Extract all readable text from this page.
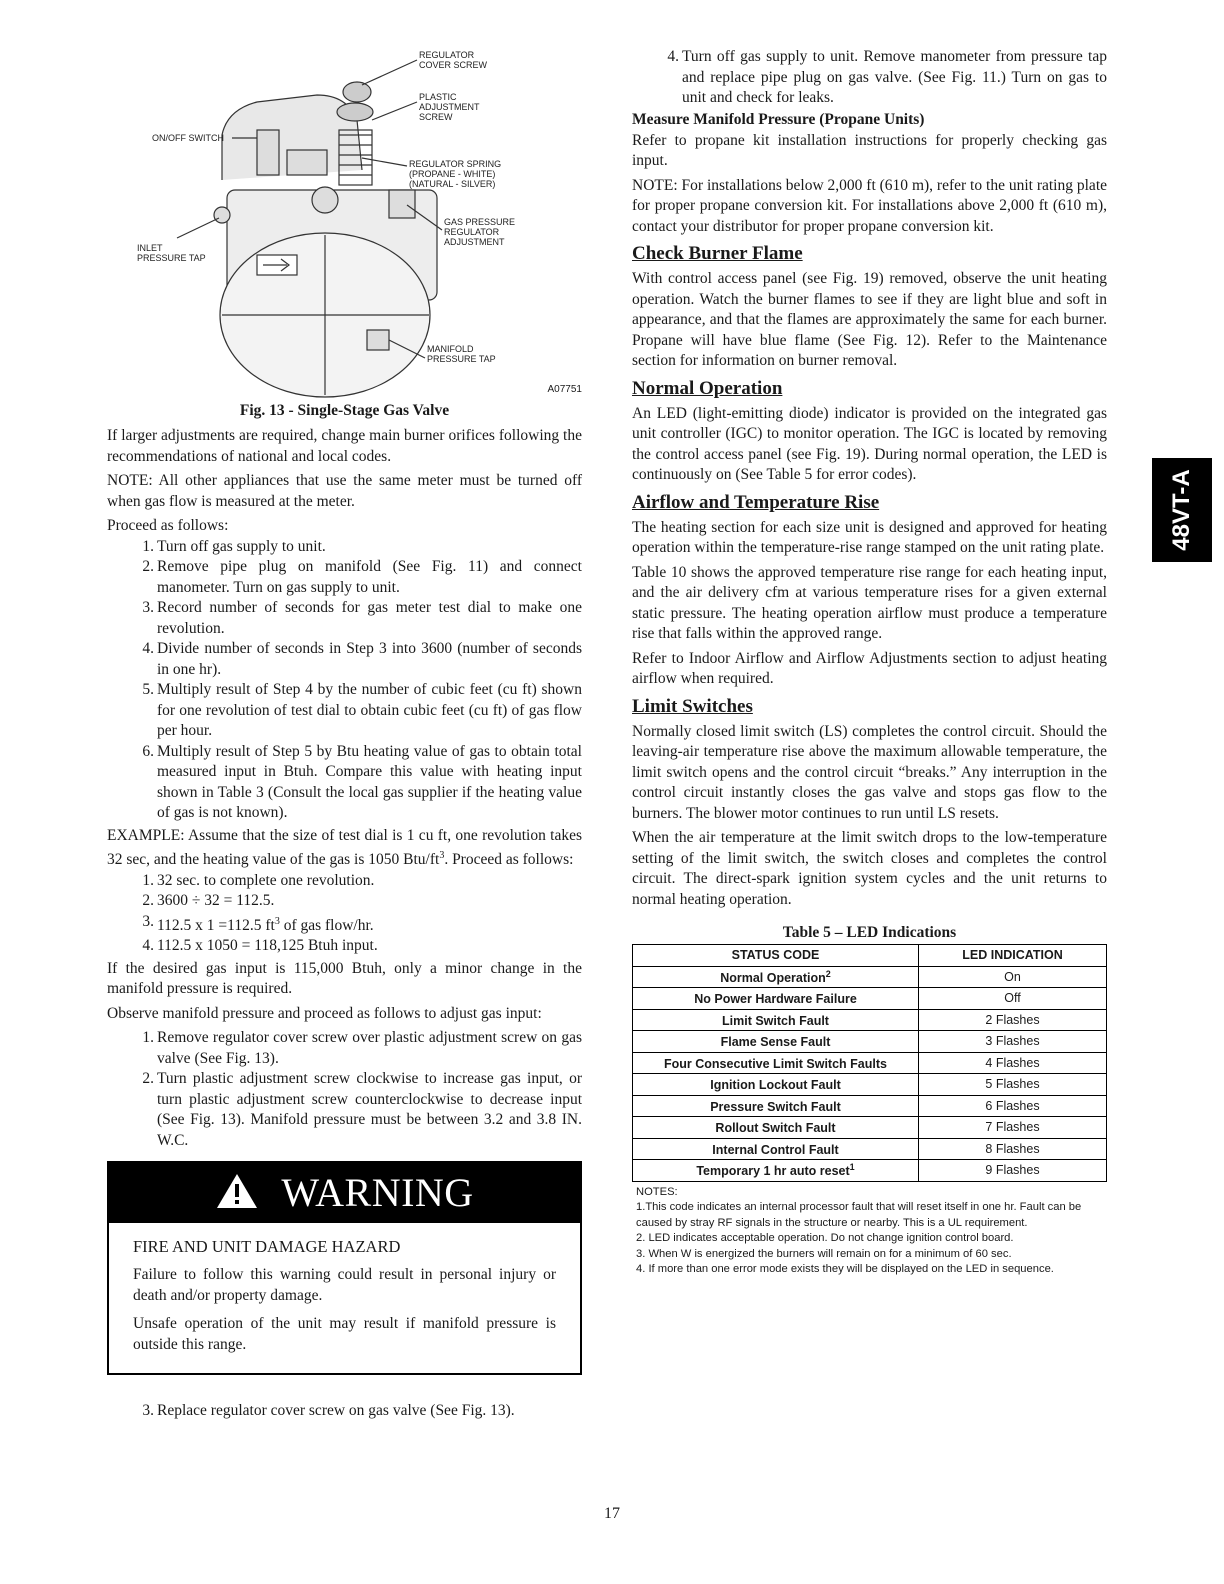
48VT-A
REGULATOR
COVER SCREW
PLASTIC
ADJUSTMENT
SCREW
ON/OFF SWITCH
REGULATOR SPRING
(PROPANE - WHITE)
(NATURAL - SILVER)
GAS PRESSURE
REGULATOR
ADJUSTMENT
INLET
PRESSURE TAP
MANIFOLD
PRESSURE TAP
A07751
Fig. 13 - Single-Stage Gas Valve

If larger adjustments are required, change main burner orifices following the recommendations of national and local codes.

NOTE: All other appliances that use the same meter must be turned off when gas flow is measured at the meter.

Proceed as follows:

1. Turn off gas supply to unit.
2. Remove pipe plug on manifold (See Fig. 11) and connect manometer. Turn on gas supply to unit.
3. Record number of seconds for gas meter test dial to make one revolution.
4. Divide number of seconds in Step 3 into 3600 (number of seconds in one hr).
5. Multiply result of Step 4 by the number of cubic feet (cu ft) shown for one revolution of test dial to obtain cubic feet (cu ft) of gas flow per hour.
6. Multiply result of Step 5 by Btu heating value of gas to obtain total measured input in Btuh. Compare this value with heating input shown in Table 3 (Consult the local gas supplier if the heating value of gas is not known).

EXAMPLE: Assume that the size of test dial is 1 cu ft, one revolution takes 32 sec, and the heating value of the gas is 1050 Btu/$ft^3$. Proceed as follows:

1. 32 sec. to complete one revolution.
2. 3600 ÷ 32 = 112.5.
3. 112.5 x 1 =112.5 $ft^3$ of gas flow/hr.
4. 112.5 x 1050 = 118,125 Btuh input.

If the desired gas input is 115,000 Btuh, only a minor change in the manifold pressure is required.

Observe manifold pressure and proceed as follows to adjust gas input:

1. Remove regulator cover screw over plastic adjustment screw on gas valve (See Fig. 13).
2. Turn plastic adjustment screw clockwise to increase gas input, or turn plastic adjustment screw counterclockwise to decrease input (See Fig. 13). Manifold pressure must be between 3.2 and 3.8 IN. W.C.
WARNING
FIRE AND UNIT DAMAGE HAZARD

Failure to follow this warning could result in personal injury or death and/or property damage.

Unsafe operation of the unit may result if manifold pressure is outside this range.

3. Replace regulator cover screw on gas valve (See Fig. 13).
4. Turn off gas supply to unit. Remove manometer from pressure tap and replace pipe plug on gas valve. (See Fig. 11.) Turn on gas to unit and check for leaks.
Measure Manifold Pressure (Propane Units)

Refer to propane kit installation instructions for properly checking gas input.

NOTE: For installations below 2,000 ft (610 m), refer to the unit rating plate for proper propane conversion kit. For installations above 2,000 ft (610 m), contact your distributor for proper propane conversion kit.

Check Burner Flame

With control access panel (see Fig. 19) removed, observe the unit heating operation. Watch the burner flames to see if they are light blue and soft in appearance, and that the flames are approximately the same for each burner. Propane will have blue flame (See Fig. 12). Refer to the Maintenance section for information on burner removal.

Normal Operation

An LED (light-emitting diode) indicator is provided on the integrated gas unit controller (IGC) to monitor operation. The IGC is located by removing the control access panel (see Fig. 19). During normal operation, the LED is continuously on (See Table 5 for error codes).

Airflow and Temperature Rise

The heating section for each size unit is designed and approved for heating operation within the temperature-rise range stamped on the unit rating plate.

Table 10 shows the approved temperature rise range for each heating input, and the air delivery cfm at various temperature rises for a given external static pressure. The heating operation airflow must produce a temperature rise that falls within the approved range.

Refer to Indoor Airflow and Airflow Adjustments section to adjust heating airflow when required.

Limit Switches

Normally closed limit switch (LS) completes the control circuit. Should the leaving-air temperature rise above the maximum allowable temperature, the limit switch opens and the control circuit “breaks.” Any interruption in the control circuit instantly closes the gas valve and stops gas flow to the burners. The blower motor continues to run until LS resets.

When the air temperature at the limit switch drops to the low-temperature setting of the limit switch, the switch closes and completes the control circuit. The direct-spark ignition system cycles and the unit returns to normal heating operation.

Table 5 – LED Indications
STATUS CODE	LED INDICATION
Normal Operation$^2$	On
No Power Hardware Failure	Off
Limit Switch Fault	2 Flashes
Flame Sense Fault	3 Flashes
Four Consecutive Limit Switch Faults	4 Flashes
Ignition Lockout Fault	5 Flashes
Pressure Switch Fault	6 Flashes
Rollout Switch Fault	7 Flashes
Internal Control Fault	8 Flashes
Temporary 1 hr auto reset$^1$	9 Flashes
NOTES:
1.This code indicates an internal processor fault that will reset itself in one hr. Fault can be caused by stray RF signals in the structure or nearby. This is a UL requirement.
2. LED indicates acceptable operation. Do not change ignition control board.
3. When W is energized the burners will remain on for a minimum of 60 sec.
4. If more than one error mode exists they will be displayed on the LED in sequence.
17
